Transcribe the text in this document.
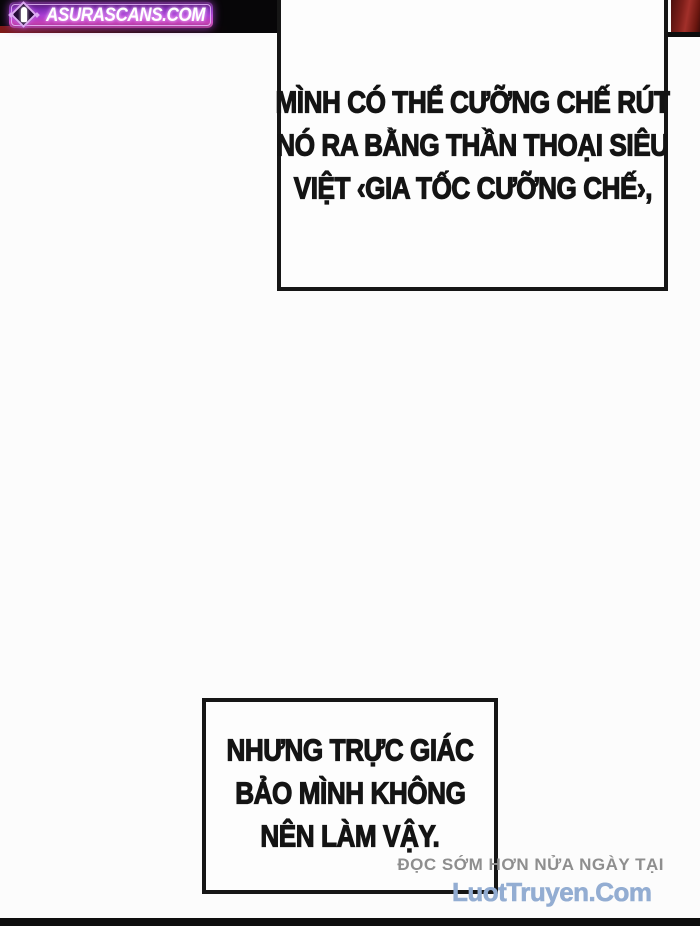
ASURASCANS.COM
MÌNH CÓ THỂ CƯỠNG CHẾ RÚT
NÓ RA BẰNG THẦN THOẠI SIÊU
VIỆT ‹GIA TỐC CƯỠNG CHẾ›,
NHƯNG TRỰC GIÁC
BẢO MÌNH KHÔNG
NÊN LÀM VẬY.
ĐỌC SỚM HƠN NỬA NGÀY TẠI
LuotTruyen.Com
